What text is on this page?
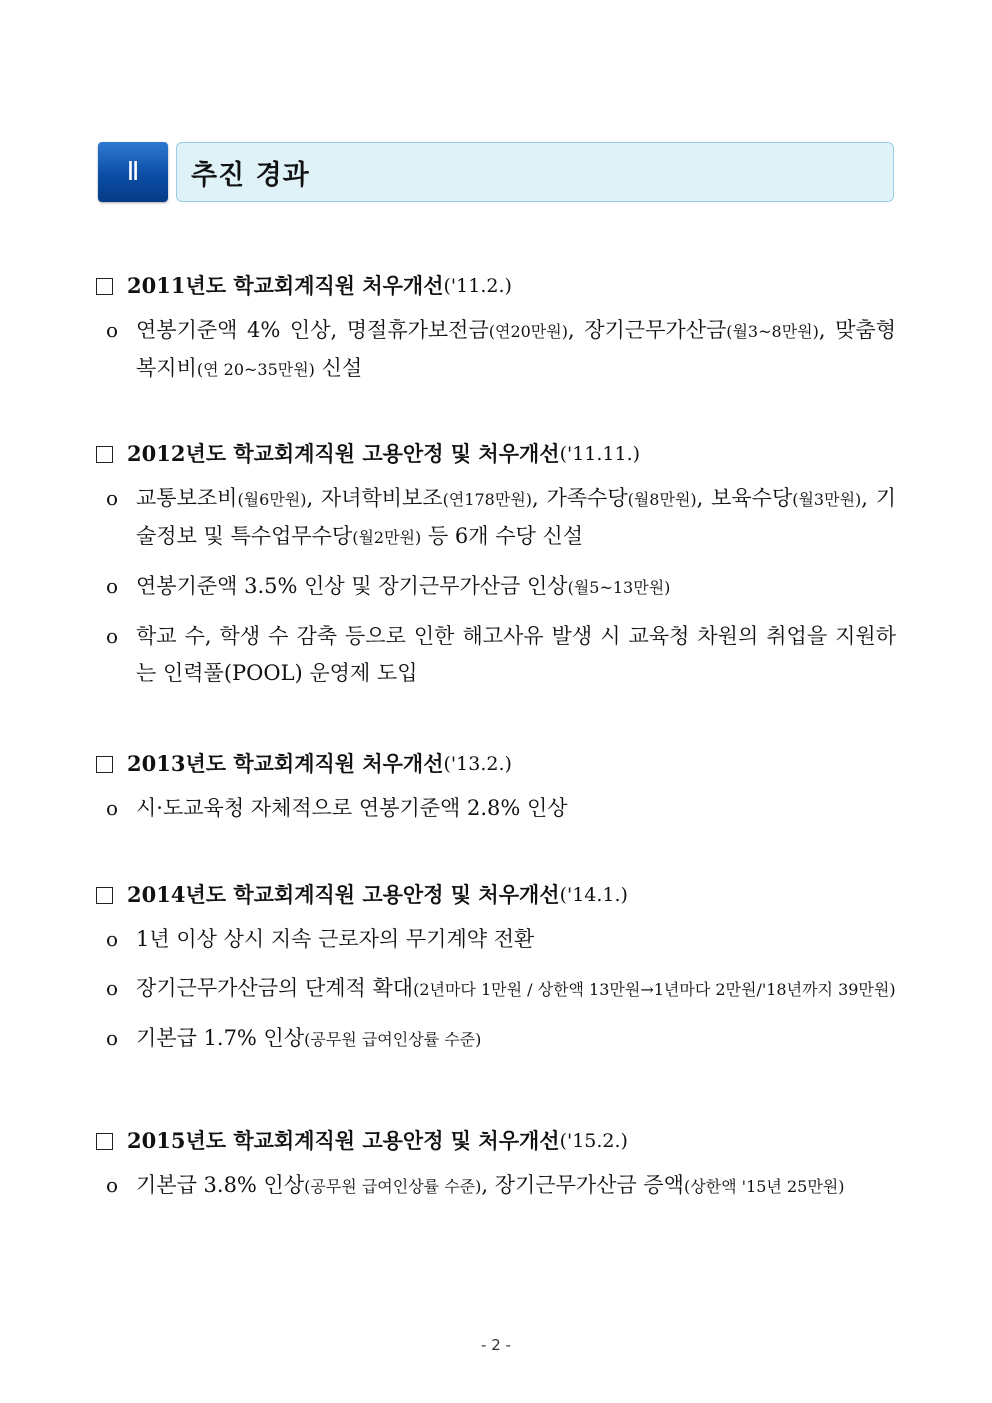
Ⅱ	추진 경과
2011년도 학교회계직원 처우개선 ('11.2.)
o 연봉기준액 4% 인상, 명절휴가보전금(연20만원), 장기근무가산금(월3~8만원), 맞춤형복지비(연 20~35만원) 신설
2012년도 학교회계직원 고용안정 및 처우개선 ('11.11.)
o 교통보조비(월6만원), 자녀학비보조(연178만원), 가족수당(월8만원), 보육수당(월3만원), 기술정보 및 특수업무수당(월2만원) 등 6개 수당 신설
o 연봉기준액 3.5% 인상 및 장기근무가산금 인상(월5~13만원)
o 학교 수, 학생 수 감축 등으로 인한 해고사유 발생 시 교육청 차원의 취업을 지원하는 인력풀(POOL) 운영제 도입
2013년도 학교회계직원 처우개선 ('13.2.)
o 시·도교육청 자체적으로 연봉기준액 2.8% 인상
2014년도 학교회계직원 고용안정 및 처우개선 ('14.1.)
o 1년 이상 상시 지속 근로자의 무기계약 전환
o 장기근무가산금의 단계적 확대(2년마다 1만원 / 상한액 13만원→1년마다 2만원/'18년까지 39만원)
o 기본급 1.7% 인상(공무원 급여인상률 수준)
2015년도 학교회계직원 고용안정 및 처우개선 ('15.2.)
o 기본급 3.8% 인상(공무원 급여인상률 수준), 장기근무가산금 증액(상한액 '15년 25만원)
- 2 -
